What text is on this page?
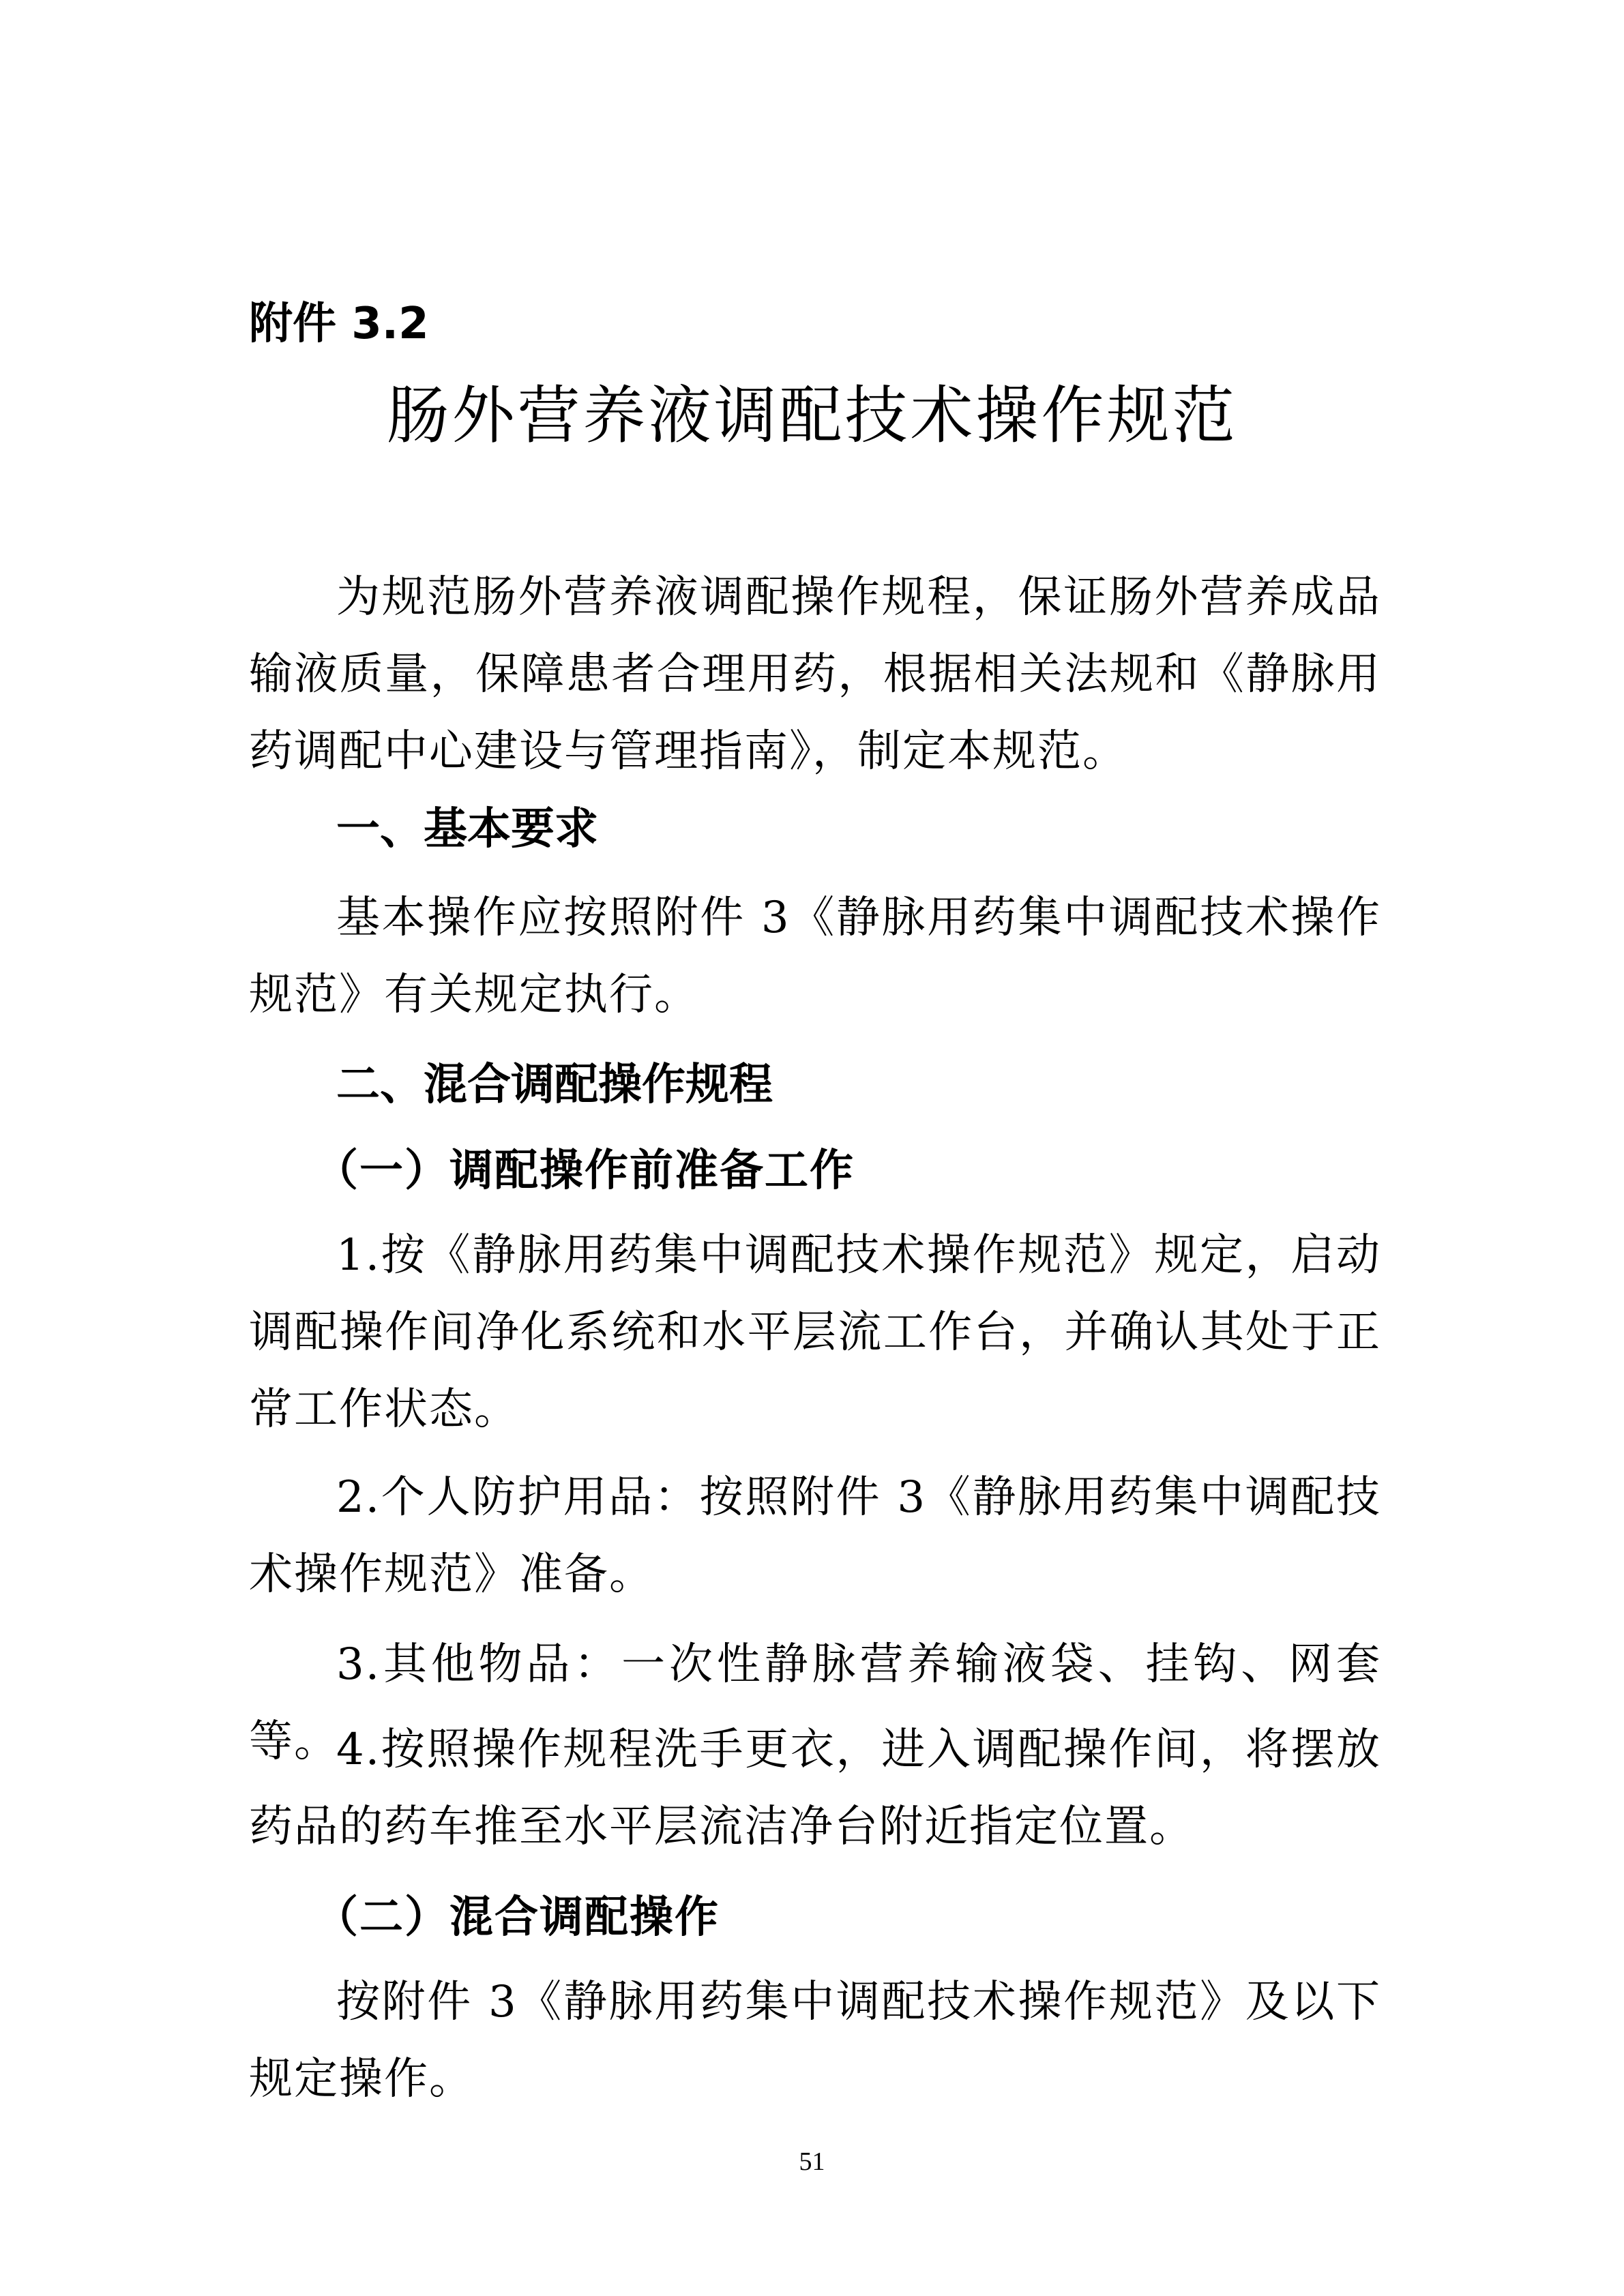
附件 3.2
肠外营养液调配技术操作规范

为规范肠外营养液调配操作规程，保证肠外营养成品输液质量，保障患者合理用药，根据相关法规和《静脉用药调配中心建设与管理指南》，制定本规范。

一、基本要求

基本操作应按照附件 3《静脉用药集中调配技术操作规范》有关规定执行。

二、混合调配操作规程
（一）调配操作前准备工作

1.按《静脉用药集中调配技术操作规范》规定，启动调配操作间净化系统和水平层流工作台，并确认其处于正常工作状态。

2.个人防护用品：按照附件 3《静脉用药集中调配技术操作规范》准备。

3.其他物品：一次性静脉营养输液袋、挂钩、网套等。

4.按照操作规程洗手更衣，进入调配操作间，将摆放药品的药车推至水平层流洁净台附近指定位置。

（二）混合调配操作

按附件 3《静脉用药集中调配技术操作规范》及以下规定操作。

51
